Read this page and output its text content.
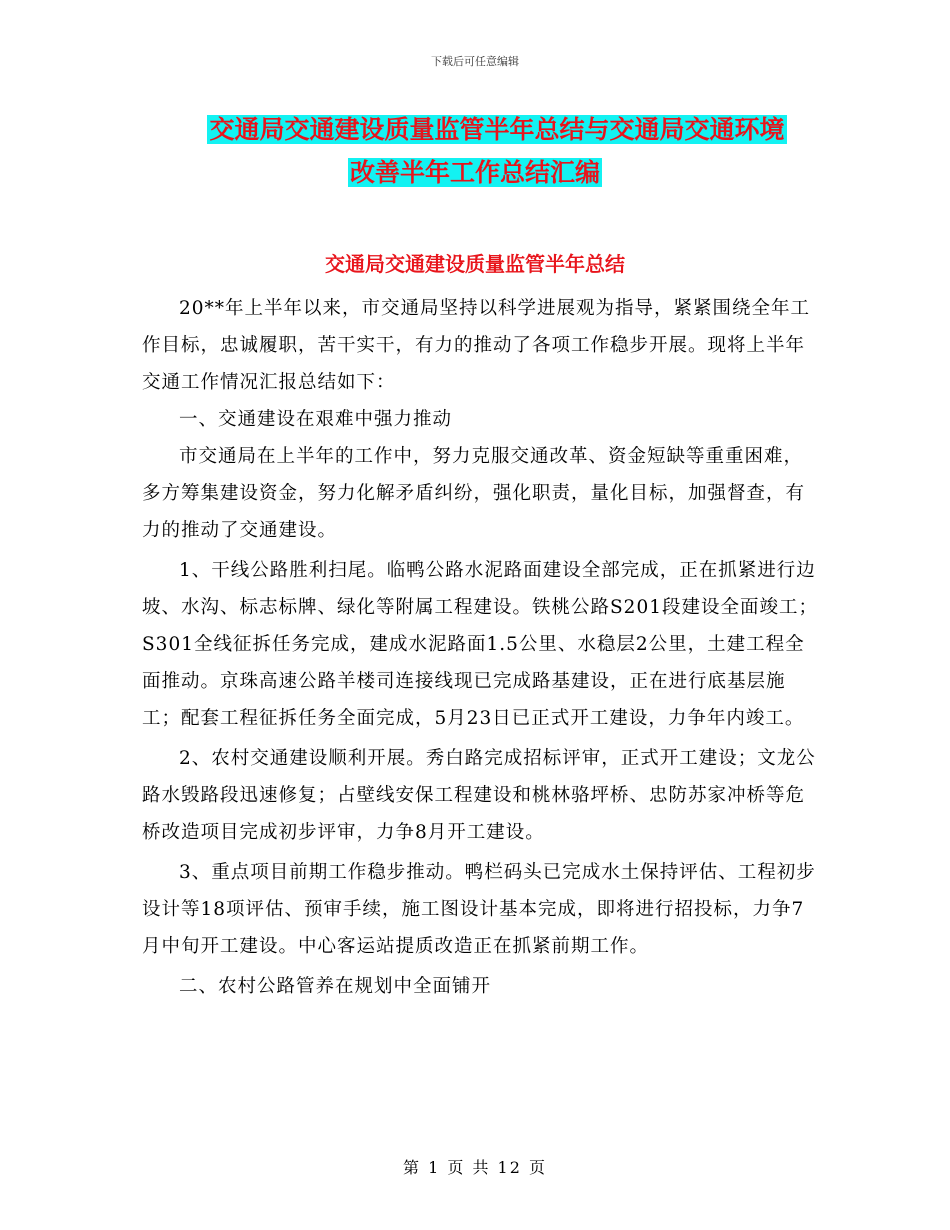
下载后可任意编辑
交通局交通建设质量监管半年总结与交通局交通环境
改善半年工作总结汇编
交通局交通建设质量监管半年总结

20**年上半年以来，市交通局坚持以科学进展观为指导，紧紧围绕全年工作目标，忠诚履职，苦干实干，有力的推动了各项工作稳步开展。现将上半年交通工作情况汇报总结如下：

一、交通建设在艰难中强力推动

市交通局在上半年的工作中，努力克服交通改革、资金短缺等重重困难，多方筹集建设资金，努力化解矛盾纠纷，强化职责，量化目标，加强督查，有力的推动了交通建设。

1、干线公路胜利扫尾。临鸭公路水泥路面建设全部完成，正在抓紧进行边坡、水沟、标志标牌、绿化等附属工程建设。铁桃公路S201段建设全面竣工；S301全线征拆任务完成，建成水泥路面1.5公里、水稳层2公里，土建工程全面推动。京珠高速公路羊楼司连接线现已完成路基建设，正在进行底基层施工；配套工程征拆任务全面完成，5月23日已正式开工建设，力争年内竣工。

2、农村交通建设顺利开展。秀白路完成招标评审，正式开工建设；文龙公路水毁路段迅速修复；占壁线安保工程建设和桃林骆坪桥、忠防苏家冲桥等危桥改造项目完成初步评审，力争8月开工建设。

3、重点项目前期工作稳步推动。鸭栏码头已完成水土保持评估、工程初步设计等18项评估、预审手续，施工图设计基本完成，即将进行招投标，力争7月中旬开工建设。中心客运站提质改造正在抓紧前期工作。

二、农村公路管养在规划中全面铺开

第 1 页 共 12 页
